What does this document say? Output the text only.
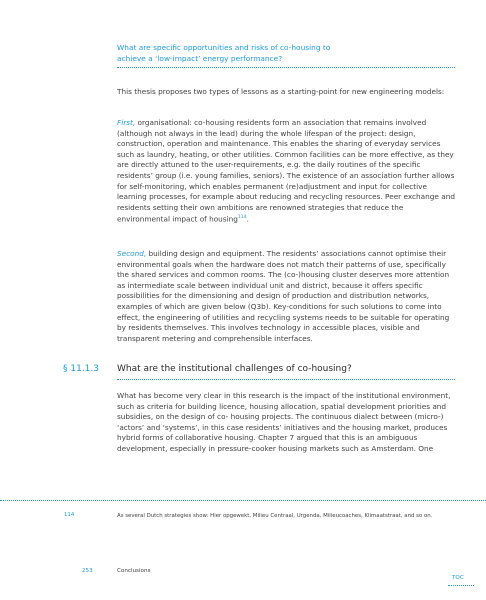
What are specific opportunities and risks of co-housing to
achieve a ‘low-impact’ energy performance?
This thesis proposes two types of lessons as a starting-point for new engineering models:
First, organisational: co-housing residents form an association that remains involved (although not always in the lead) during the whole lifespan of the project: design, construction, operation and maintenance. This enables the sharing of everyday services such as laundry, heating, or other utilities. Common facilities can be more effective, as they are directly attuned to the user-requirements, e.g. the daily routines of the specific residents’ group (i.e. young families, seniors). The existence of an association further allows for self-monitoring, which enables permanent (re)adjustment and input for collective learning processes, for example about reducing and recycling resources. Peer exchange and residents setting their own ambitions are renowned strategies that reduce the environmental impact of housing$^{114}$.
Second, building design and equipment. The residents’ associations cannot optimise their environmental goals when the hardware does not match their patterns of use, specifically the shared services and common rooms. The (co-)housing cluster deserves more attention as intermediate scale between individual unit and district, because it offers specific possibilities for the dimensioning and design of production and distribution networks, examples of which are given below (Q3b). Key-conditions for such solutions to come into effect, the engineering of utilities and recycling systems needs to be suitable for operating by residents themselves. This involves technology in accessible places, visible and transparent metering and comprehensible interfaces.
§ 11.1.3 What are the institutional challenges of co-housing?
What has become very clear in this research is the impact of the institutional environment, such as criteria for building licence, housing allocation, spatial development priorities and subsidies, on the design of co- housing projects. The continuous dialect between (micro-) ‘actors’ and ‘systems’, in this case residents’ initiatives and the housing market, produces hybrid forms of collaborative housing. Chapter 7 argued that this is an ambiguous development, especially in pressure-cooker housing markets such as Amsterdam. One
114	As several Dutch strategies show: Hier opgewekt, Milieu Centraal, Urgenda, Milieucoaches, Klimaatstraat, and so on.
253	Conclusions
TOC
